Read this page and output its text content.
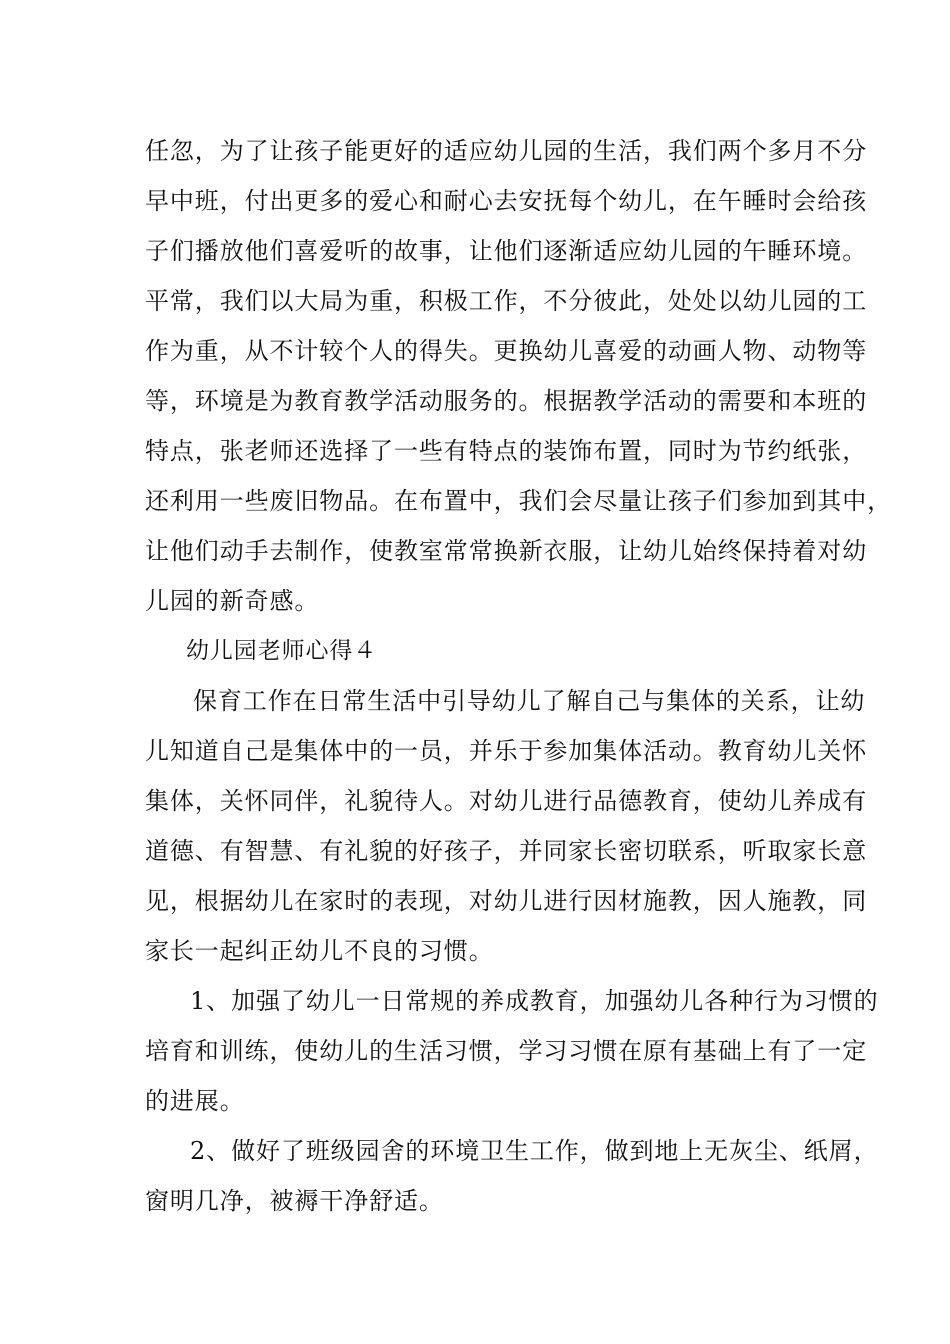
任忽，为了让孩子能更好的适应幼儿园的生活，我们两个多月不分
早中班，付出更多的爱心和耐心去安抚每个幼儿，在午睡时会给孩
子们播放他们喜爱听的故事，让他们逐渐适应幼儿园的午睡环境。
平常，我们以大局为重，积极工作，不分彼此，处处以幼儿园的工
作为重，从不计较个人的得失。更换幼儿喜爱的动画人物、动物等
等，环境是为教育教学活动服务的。根据教学活动的需要和本班的
特点，张老师还选择了一些有特点的装饰布置，同时为节约纸张，
还利用一些废旧物品。在布置中，我们会尽量让孩子们参加到其中，
让他们动手去制作，使教室常常换新衣服，让幼儿始终保持着对幼
儿园的新奇感。
幼儿园老师心得４
保育工作在日常生活中引导幼儿了解自己与集体的关系，让幼
儿知道自己是集体中的一员，并乐于参加集体活动。教育幼儿关怀
集体，关怀同伴，礼貌待人。对幼儿进行品德教育，使幼儿养成有
道德、有智慧、有礼貌的好孩子，并同家长密切联系，听取家长意
见，根据幼儿在家时的表现，对幼儿进行因材施教，因人施教，同
家长一起纠正幼儿不良的习惯。
1、加强了幼儿一日常规的养成教育，加强幼儿各种行为习惯的
培育和训练，使幼儿的生活习惯，学习习惯在原有基础上有了一定
的进展。
2、做好了班级园舍的环境卫生工作，做到地上无灰尘、纸屑，
窗明几净，被褥干净舒适。
